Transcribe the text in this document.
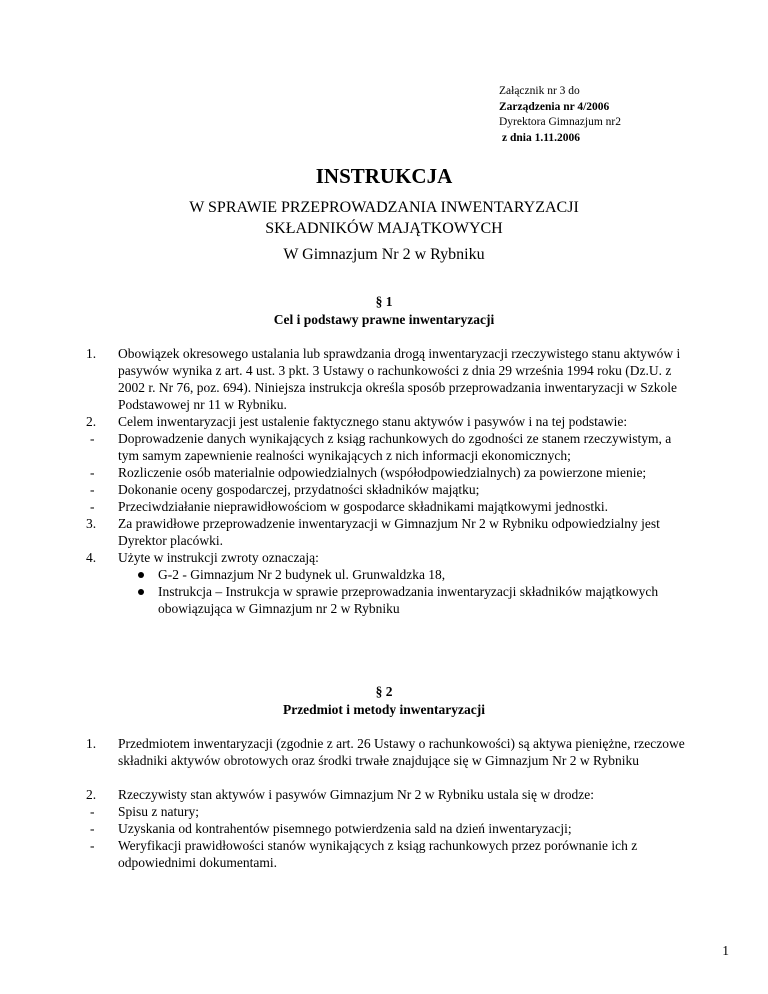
Załącznik nr 3 do
Zarządzenia nr 4/2006
Dyrektora Gimnazjum nr2
z dnia 1.11.2006
INSTRUKCJA
W SPRAWIE PRZEPROWADZANIA INWENTARYZACJI
SKŁADNIKÓW MAJĄTKOWYCH
W Gimnazjum Nr 2 w Rybniku
§ 1
Cel i podstawy prawne inwentaryzacji
1. Obowiązek okresowego ustalania lub sprawdzania drogą inwentaryzacji rzeczywistego stanu aktywów i pasywów wynika z art. 4 ust. 3 pkt. 3 Ustawy o rachunkowości z dnia 29 września 1994 roku (Dz.U. z 2002 r. Nr 76, poz. 694). Niniejsza instrukcja określa sposób przeprowadzania inwentaryzacji w Szkole Podstawowej nr 11 w Rybniku.
2. Celem inwentaryzacji jest ustalenie faktycznego stanu aktywów i pasywów i na tej podstawie:
- Doprowadzenie danych wynikających z ksiąg rachunkowych do zgodności ze stanem rzeczywistym, a tym samym zapewnienie realności wynikających z nich informacji ekonomicznych;
- Rozliczenie osób materialnie odpowiedzialnych (współodpowiedzialnych) za powierzone mienie;
- Dokonanie oceny gospodarczej, przydatności składników majątku;
- Przeciwdziałanie nieprawidłowościom w gospodarce składnikami majątkowymi jednostki.
3. Za prawidłowe przeprowadzenie inwentaryzacji w Gimnazjum Nr 2 w Rybniku odpowiedzialny jest Dyrektor placówki.
4. Użyte w instrukcji zwroty oznaczają:
G-2 - Gimnazjum Nr 2 budynek ul. Grunwaldzka 18,
Instrukcja – Instrukcja w sprawie przeprowadzania inwentaryzacji składników majątkowych obowiązująca w Gimnazjum nr 2 w Rybniku
§ 2
Przedmiot i metody inwentaryzacji
1. Przedmiotem inwentaryzacji (zgodnie z art. 26 Ustawy o rachunkowości) są aktywa pieniężne, rzeczowe składniki aktywów obrotowych oraz środki trwałe znajdujące się w Gimnazjum Nr 2 w Rybniku
2. Rzeczywisty stan aktywów i pasywów Gimnazjum Nr 2 w Rybniku ustala się w drodze:
- Spisu z natury;
- Uzyskania od kontrahentów pisemnego potwierdzenia sald na dzień inwentaryzacji;
- Weryfikacji prawidłowości stanów wynikających z ksiąg rachunkowych przez porównanie ich z odpowiednimi dokumentami.
1
